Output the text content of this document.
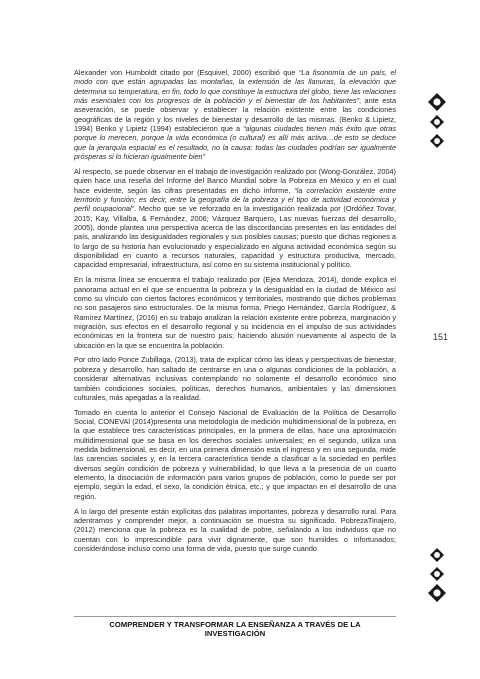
Alexander von Humboldt citado por (Esquivel, 2000) escribió que “La fisonomía de un país, el modo con que están agrupadas las montañas, la extensión de las llanuras, la elevación que determina su temperatura, en fin, todo lo que constituye la estructura del globo, tiene las relaciones más esenciales con los progresos de la población y el bienestar de los habitantes”; ante esta aseveración, se puede observar y establecer la relación existente entre las condiciones geográficas de la región y los niveles de bienestar y desarrollo de las mismas. (Benko & Lipietz, 1994) Benko y Lipietz (1994) establecieron que a “algunas ciudades tienen más éxito que otras porque lo merecen, porque la vida económica (o cultural) es allí más activa…de esto se deduce que la jerarquía espacial es el resultado, no la causa: todas las ciudades podrían ser igualmente prósperas si lo hicieran igualmente bien”

Al respecto, se puede observar en el trabajo de investigación realizado por (Wong-González, 2004) quien hace una reseña del Informe del Banco Mundial sobre la Pobreza en México y en el cual hace evidente, según las cifras presentadas en dicho informe, “la correlación existente entre territorio y función; es decir, entre la geografía de la pobreza y el tipo de actividad económica y perfil ocupacional”. Mecho que se ve reforzado en la investigación realizada por (Ordóñez Tovar, 2015; Kay, Villalba, & Fernández, 2006; Vázquez Barquero, Las nuevas fuerzas del desarrollo, 2005), donde plantea una perspectiva acerca de las discordancias presentes en las entidades del país, analizando las desigualdades regionales y sus posibles causas; puesto que dichas regiones a lo largo de su historia han evolucionado y especializado en alguna actividad económica según su disponibilidad en cuanto a recursos naturales, capacidad y estructura productiva, mercado, capacidad empresarial, infraestructura, así como en su sistema institucional y político.

En la misma línea se encuentra el trabajo realizado por (Ejea Mendoza, 2014), donde explica el panorama actual en el que se encuentra la pobreza y la desigualdad en la ciudad de México así como su vínculo con ciertos factores económicos y territoriales, mostrando que dichos problemas no son pasajeros sino estructurales. De la misma forma, Priego Hernández, García Rodríguez, & Ramírez Martínez, (2016) en su trabajo analizan la relación existente entre pobreza, marginación y migración, sus efectos en el desarrollo regional y su incidencia en el impulso de sus actividades económicas en la frontera sur de nuestro país; haciendo alusión nuevamente al aspecto de la ubicación en la que se encuentra la población.

Por otro lado Ponce Zubillaga, (2013), trata de explicar cómo las ideas y perspectivas de bienestar, pobreza y desarrollo, han saltado de centrarse en una o algunas condiciones de la población, a considerar alternativas inclusivas contemplando no solamente el desarrollo económico sino también condiciones sociales, políticas, derechos humanos, ambientales y las dimensiones culturales, más apegadas a la realidad.

Tomado en cuenta lo anterior el Consejo Nacional de Evaluación de la Política de Desarrollo Social, CONEVAl (2014)presenta una metodología de medición multidimensional de la pobreza, en la que establece tres características principales, en la primera de ellas, hace una aproximación multidimensional que se basa en los derechos sociales universales; en el segundo, utiliza una medida bidimensional, es decir, en una primera dimensión esta el ingreso y en una segunda, mide las carencias sociales y, en la tercera característica tiende a clasificar a la sociedad en perfiles diversos según condición de pobreza y vulnerabilidad, lo que lleva a la presencia de un cuarto elemento, la disociación de información para varios grupos de población, como lo puede ser por ejemplo, según la edad, el sexo, la condición étnica, etc.; y que impactan en el desarrollo de una región.

A lo largo del presente están explícitas dos palabras importantes, pobreza y desarrollo rural. Para adentrarnos y comprender mejor, a continuación se muestra su significado. PobrezaTinajero, (2012) menciona que la pobreza es la cualidad de pobre, señalando a los individuos que no cuentan con lo imprescindible para vivir dignamente, que son humildes o infortunados; considerándose incluso como una forma de vida, puesto que surge cuando

151
COMPRENDER Y TRANSFORMAR LA ENSEÑANZA A TRAVÉS DE LA INVESTIGACIÓN
